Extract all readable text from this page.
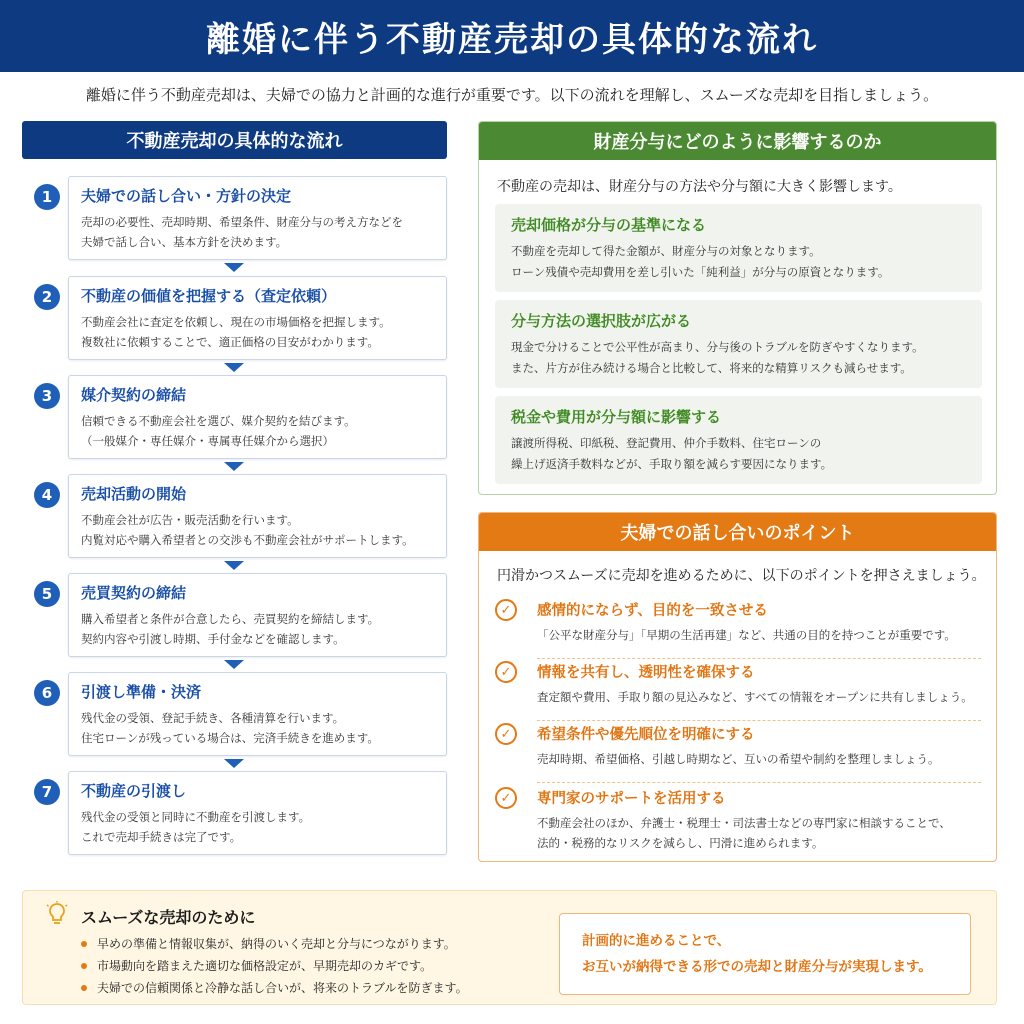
離婚に伴う不動産売却の具体的な流れ
離婚に伴う不動産売却は、夫婦での協力と計画的な進行が重要です。以下の流れを理解し、スムーズな売却を目指しましょう。
不動産売却の具体的な流れ
1	夫婦での話し合い・方針の決定
売却の必要性、売却時期、希望条件、財産分与の考え方などを
夫婦で話し合い、基本方針を決めます。
2	不動産の価値を把握する（査定依頼）
不動産会社に査定を依頼し、現在の市場価格を把握します。
複数社に依頼することで、適正価格の目安がわかります。
3	媒介契約の締結
信頼できる不動産会社を選び、媒介契約を結びます。
（一般媒介・専任媒介・専属専任媒介から選択）
4	売却活動の開始
不動産会社が広告・販売活動を行います。
内覧対応や購入希望者との交渉も不動産会社がサポートします。
5	売買契約の締結
購入希望者と条件が合意したら、売買契約を締結します。
契約内容や引渡し時期、手付金などを確認します。
6	引渡し準備・決済
残代金の受領、登記手続き、各種清算を行います。
住宅ローンが残っている場合は、完済手続きを進めます。
7	不動産の引渡し
残代金の受領と同時に不動産を引渡します。
これで売却手続きは完了です。
財産分与にどのように影響するのか
不動産の売却は、財産分与の方法や分与額に大きく影響します。
売却価格が分与の基準になる
不動産を売却して得た金額が、財産分与の対象となります。
ローン残債や売却費用を差し引いた「純利益」が分与の原資となります。
分与方法の選択肢が広がる
現金で分けることで公平性が高まり、分与後のトラブルを防ぎやすくなります。
また、片方が住み続ける場合と比較して、将来的な精算リスクも減らせます。
税金や費用が分与額に影響する
譲渡所得税、印紙税、登記費用、仲介手数料、住宅ローンの
繰上げ返済手数料などが、手取り額を減らす要因になります。
夫婦での話し合いのポイント
円滑かつスムーズに売却を進めるために、以下のポイントを押さえましょう。
✓	感情的にならず、目的を一致させる
「公平な財産分与」「早期の生活再建」など、共通の目的を持つことが重要です。
✓	情報を共有し、透明性を確保する
査定額や費用、手取り額の見込みなど、すべての情報をオープンに共有しましょう。
✓	希望条件や優先順位を明確にする
売却時期、希望価格、引越し時期など、互いの希望や制約を整理しましょう。
✓	専門家のサポートを活用する
不動産会社のほか、弁護士・税理士・司法書士などの専門家に相談することで、
法的・税務的なリスクを減らし、円滑に進められます。
スムーズな売却のために
早めの準備と情報収集が、納得のいく売却と分与につながります。
市場動向を踏まえた適切な価格設定が、早期売却のカギです。
夫婦での信頼関係と冷静な話し合いが、将来のトラブルを防ぎます。
計画的に進めることで、
お互いが納得できる形での売却と財産分与が実現します。
